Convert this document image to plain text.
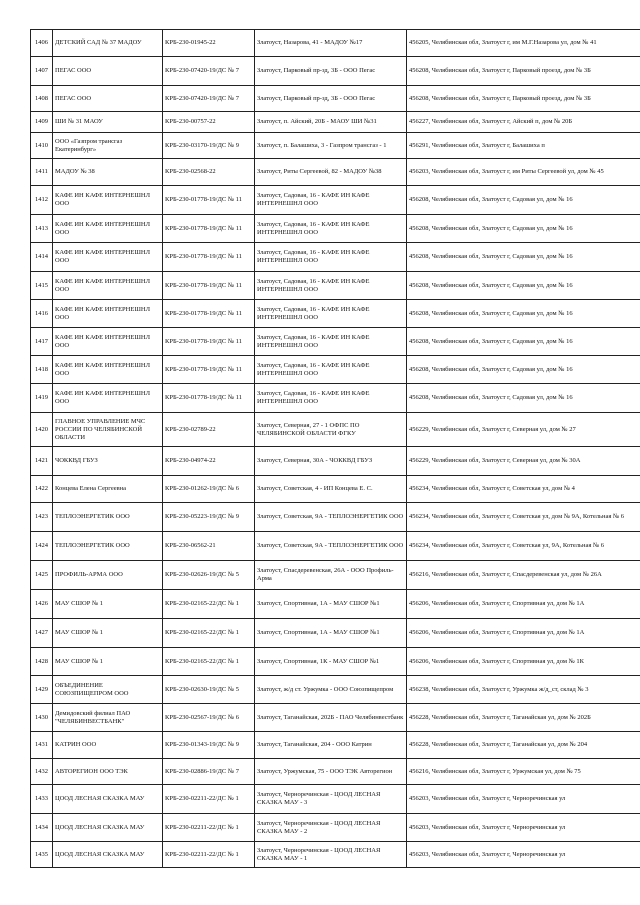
1406	ДЕТСКИЙ САД № 37 МАДОУ	КРБ-230-01945-22	Златоуст, Назарова, 41 - МАДОУ №17	456205, Челябинская обл, Златоуст г, им М.Г.Назарова ул, дом № 41
1407	ПЕГАС ООО	КРБ-230-07420-19/ДС № 7	Златоуст, Парковый пр-зд, 3Б - ООО Пегас	456208, Челябинская обл, Златоуст г, Парковый проезд, дом № 3Б
1408	ПЕГАС ООО	КРБ-230-07420-19/ДС № 7	Златоуст, Парковый пр-зд, 3Б - ООО Пегас	456208, Челябинская обл, Златоуст г, Парковый проезд, дом № 3Б
1409	ШИ № 31 МАОУ	КРБ-230-00757-22	Златоуст, п. Айский, 20Б - МАОУ ШИ №31	456227, Челябинская обл, Златоуст г, Айский п, дом № 20Б
1410	ООО «Газпром трансгаз Екатеринбург»	КРБ-230-03170-19/ДС № 9	Златоуст, п. Балашиха, 3 - Газпром трансгаз - 1	456291, Челябинская обл, Златоуст г, Балашиха п
1411	МАДОУ № 38	КРБ-230-02568-22	Златоуст, Риты Сергеевой, 82 - МАДОУ №38	456203, Челябинская обл, Златоуст г, им Риты Сергеевой ул, дом № 45
1412	КАФЕ ИН КАФЕ ИНТЕРНЕШНЛ ООО	КРБ-230-01778-19/ДС № 11	Златоуст, Садовая, 16 - КАФЕ ИН КАФЕ ИНТЕРНЕШНЛ ООО	456208, Челябинская обл, Златоуст г, Садовая ул, дом № 16
1413	КАФЕ ИН КАФЕ ИНТЕРНЕШНЛ ООО	КРБ-230-01778-19/ДС № 11	Златоуст, Садовая, 16 - КАФЕ ИН КАФЕ ИНТЕРНЕШНЛ ООО	456208, Челябинская обл, Златоуст г, Садовая ул, дом № 16
1414	КАФЕ ИН КАФЕ ИНТЕРНЕШНЛ ООО	КРБ-230-01778-19/ДС № 11	Златоуст, Садовая, 16 - КАФЕ ИН КАФЕ ИНТЕРНЕШНЛ ООО	456208, Челябинская обл, Златоуст г, Садовая ул, дом № 16
1415	КАФЕ ИН КАФЕ ИНТЕРНЕШНЛ ООО	КРБ-230-01778-19/ДС № 11	Златоуст, Садовая, 16 - КАФЕ ИН КАФЕ ИНТЕРНЕШНЛ ООО	456208, Челябинская обл, Златоуст г, Садовая ул, дом № 16
1416	КАФЕ ИН КАФЕ ИНТЕРНЕШНЛ ООО	КРБ-230-01778-19/ДС № 11	Златоуст, Садовая, 16 - КАФЕ ИН КАФЕ ИНТЕРНЕШНЛ ООО	456208, Челябинская обл, Златоуст г, Садовая ул, дом № 16
1417	КАФЕ ИН КАФЕ ИНТЕРНЕШНЛ ООО	КРБ-230-01778-19/ДС № 11	Златоуст, Садовая, 16 - КАФЕ ИН КАФЕ ИНТЕРНЕШНЛ ООО	456208, Челябинская обл, Златоуст г, Садовая ул, дом № 16
1418	КАФЕ ИН КАФЕ ИНТЕРНЕШНЛ ООО	КРБ-230-01778-19/ДС № 11	Златоуст, Садовая, 16 - КАФЕ ИН КАФЕ ИНТЕРНЕШНЛ ООО	456208, Челябинская обл, Златоуст г, Садовая ул, дом № 16
1419	КАФЕ ИН КАФЕ ИНТЕРНЕШНЛ ООО	КРБ-230-01778-19/ДС № 11	Златоуст, Садовая, 16 - КАФЕ ИН КАФЕ ИНТЕРНЕШНЛ ООО	456208, Челябинская обл, Златоуст г, Садовая ул, дом № 16
1420	ГЛАВНОЕ УПРАВЛЕНИЕ МЧС РОССИИ ПО ЧЕЛЯБИНСКОЙ ОБЛАСТИ	КРБ-230-02789-22	Златоуст, Северная, 27 - 1 ОФПС ПО ЧЕЛЯБИНСКОЙ ОБЛАСТИ ФГКУ	456229, Челябинская обл, Златоуст г, Северная ул, дом № 27
1421	ЧОККВД ГБУЗ	КРБ-230-04974-22	Златоуст, Северная, 30А - ЧОККВД ГБУЗ	456229, Челябинская обл, Златоуст г, Северная ул, дом № 30А
1422	Концева Елена Сергеевна	КРБ-230-01262-19/ДС № 6	Златоуст, Советская, 4 - ИП Концева Е. С.	456234, Челябинская обл, Златоуст г, Советская ул, дом № 4
1423	ТЕПЛОЭНЕРГЕТИК ООО	КРБ-230-05223-19/ДС № 9	Златоуст, Советская, 9А - ТЕПЛОЭНЕРГЕТИК ООО	456234, Челябинская обл, Златоуст г, Советская ул, дом № 9А, Котельная № 6
1424	ТЕПЛОЭНЕРГЕТИК ООО	КРБ-230-06562-21	Златоуст, Советская, 9А - ТЕПЛОЭНЕРГЕТИК ООО	456234, Челябинская обл, Златоуст г, Советская ул, 9А, Котельная № 6
1425	ПРОФИЛЬ-АРМА ООО	КРБ-230-02626-19/ДС № 5	Златоуст, Спасдеревенская, 26А - ООО Профиль-Арма	456216, Челябинская обл, Златоуст г, Спасдеревенская ул, дом № 26А
1426	МАУ СШОР № 1	КРБ-230-02165-22/ДС № 1	Златоуст, Спортивная, 1А - МАУ СШОР №1	456206, Челябинская обл, Златоуст г, Спортивная ул, дом № 1А
1427	МАУ СШОР № 1	КРБ-230-02165-22/ДС № 1	Златоуст, Спортивная, 1А - МАУ СШОР №1	456206, Челябинская обл, Златоуст г, Спортивная ул, дом № 1А
1428	МАУ СШОР № 1	КРБ-230-02165-22/ДС № 1	Златоуст, Спортивная, 1К - МАУ СШОР №1	456206, Челябинская обл, Златоуст г, Спортивная ул, дом № 1К
1429	ОБЪЕДИНЕНИЕ СОЮЗПИЩЕПРОМ ООО	КРБ-230-02630-19/ДС № 5	Златоуст, ж/д ст. Уржумка - ООО Союзпищепром	456238, Челябинская обл, Златоуст г, Уржумка ж/д_ст, склад № 3
1430	Демидовский филиал ПАО "ЧЕЛЯБИНВЕСТБАНК"	КРБ-230-02567-19/ДС № 6	Златоуст, Таганайская, 202Б - ПАО Челябинвестбанк	456228, Челябинская обл, Златоуст г, Таганайская ул, дом № 202Б
1431	КАТРИН ООО	КРБ-230-01343-19/ДС № 9	Златоуст, Таганайская, 204 - ООО Катрин	456228, Челябинская обл, Златоуст г, Таганайская ул, дом № 204
1432	АВТОРЕГИОН ООО ТЭК	КРБ-230-02886-19/ДС № 7	Златоуст, Уржумская, 75 - ООО ТЭК Авторегион	456216, Челябинская обл, Златоуст г, Уржумская ул, дом № 75
1433	ЦООД ЛЕСНАЯ СКАЗКА МАУ	КРБ-230-02211-22/ДС № 1	Златоуст, Черноречинская - ЦООД ЛЕСНАЯ СКАЗКА МАУ - 3	456203, Челябинская обл, Златоуст г, Черноречинская ул
1434	ЦООД ЛЕСНАЯ СКАЗКА МАУ	КРБ-230-02211-22/ДС № 1	Златоуст, Черноречинская - ЦООД ЛЕСНАЯ СКАЗКА МАУ - 2	456203, Челябинская обл, Златоуст г, Черноречинская ул
1435	ЦООД ЛЕСНАЯ СКАЗКА МАУ	КРБ-230-02211-22/ДС № 1	Златоуст, Черноречинская - ЦООД ЛЕСНАЯ СКАЗКА МАУ - 1	456203, Челябинская обл, Златоуст г, Черноречинская ул
